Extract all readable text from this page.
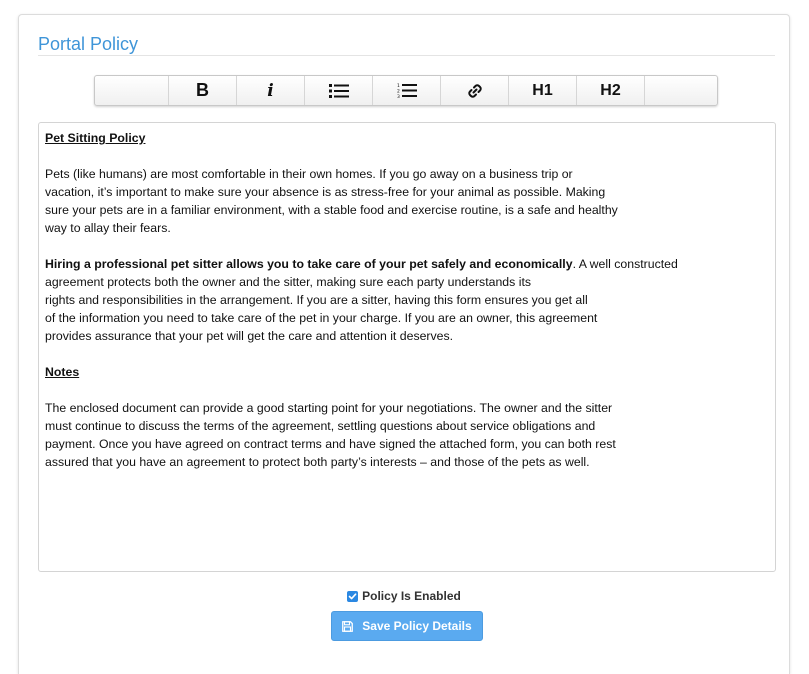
Portal Policy
B	i	1
2
3	H1	H2

Pet Sitting Policy

Pets (like humans) are most comfortable in their own homes. If you go away on a business trip or

vacation, it’s important to make sure your absence is as stress-free for your animal as possible. Making

sure your pets are in a familiar environment, with a stable food and exercise routine, is a safe and healthy

way to allay their fears.

Hiring a professional pet sitter allows you to take care of your pet safely and economically. A well constructed

agreement protects both the owner and the sitter, making sure each party understands its

rights and responsibilities in the arrangement. If you are a sitter, having this form ensures you get all

of the information you need to take care of the pet in your charge. If you are an owner, this agreement

provides assurance that your pet will get the care and attention it deserves.

Notes

The enclosed document can provide a good starting point for your negotiations. The owner and the sitter

must continue to discuss the terms of the agreement, settling questions about service obligations and

payment. Once you have agreed on contract terms and have signed the attached form, you can both rest

assured that you have an agreement to protect both party’s interests – and those of the pets as well.

Policy Is Enabled
Save Policy Details
